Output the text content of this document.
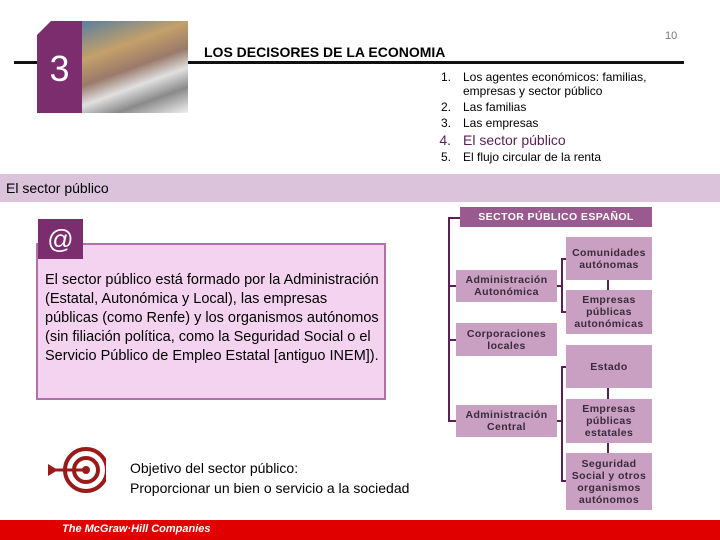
3	LOS DECISORES DE LA ECONOMIA
10
1. Los agentes económicos: familias, empresas y sector público
2. Las familias
3. Las empresas
4. El sector público
5. El flujo circular de la renta
El sector público

El sector público está formado por la Administración (Estatal, Autonómica y Local), las empresas públicas (como Renfe) y los organismos autónomos (sin filiación política, como la Seguridad Social o el Servicio Público de Empleo Estatal [antiguo INEM]).

@
Objetivo del sector público:
Proporcionar un bien o servicio a la sociedad
SECTOR PÚBLICO ESPAÑOL
Administración Autonómica
Corporaciones locales
Administración Central
Comunidades autónomas
Empresas públicas autonómicas
Estado
Empresas públicas estatales
Seguridad Social y otros organismos autónomos
The McGraw·Hill Companies
